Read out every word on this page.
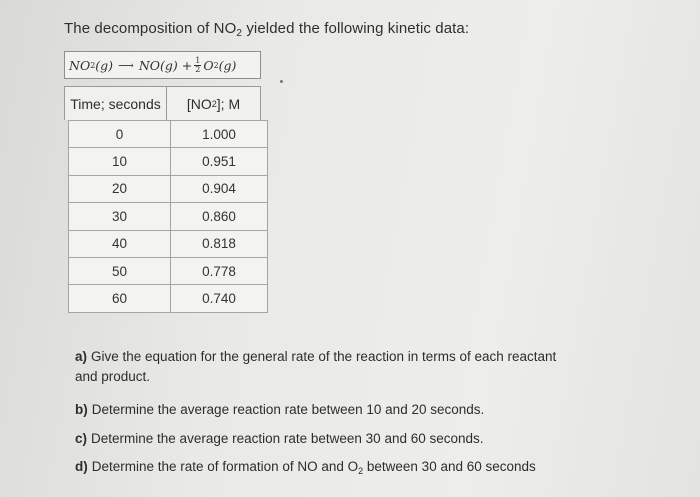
The decomposition of $NO_2$ yielded the following kinetic data:
NO 2 (g) ⟶ NO $(g) + \frac{1}{2}$ O 2 (g)
Time; seconds	[NO 2 ]; M
0	1.000
10	0.951
20	0.904
30	0.860
40	0.818
50	0.778
60	0.740

a) Give the equation for the general rate of the reaction in terms of each reactant and product.

b) Determine the average reaction rate between 10 and 20 seconds.

c) Determine the average reaction rate between 30 and 60 seconds.

d) Determine the rate of formation of NO and $O_2$ between 30 and 60 seconds
